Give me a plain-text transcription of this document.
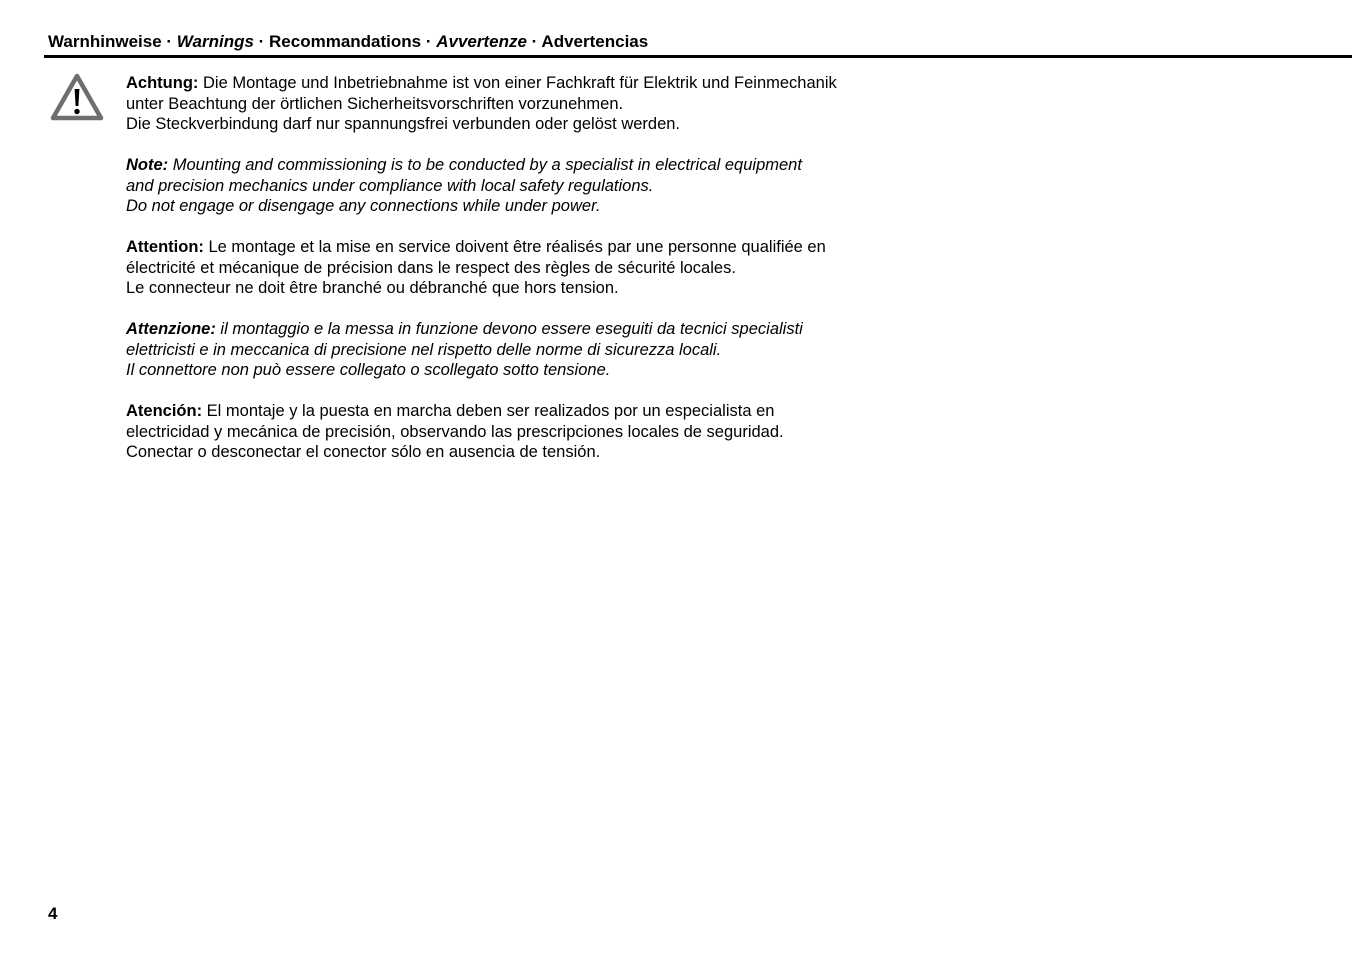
Warnhinweise · Warnings · Recommandations · Avvertenze · Advertencias
Achtung: Die Montage und Inbetriebnahme ist von einer Fachkraft für Elektrik und Feinmechanik
unter Beachtung der örtlichen Sicherheitsvorschriften vorzunehmen.
Die Steckverbindung darf nur spannungsfrei verbunden oder gelöst werden.
Note: Mounting and commissioning is to be conducted by a specialist in electrical equipment
and precision mechanics under compliance with local safety regulations.
Do not engage or disengage any connections while under power.
Attention: Le montage et la mise en service doivent être réalisés par une personne qualifiée en
électricité et mécanique de précision dans le respect des règles de sécurité locales.
Le connecteur ne doit être branché ou débranché que hors tension.
Attenzione: il montaggio e la messa in funzione devono essere eseguiti da tecnici specialisti
elettricisti e in meccanica di precisione nel rispetto delle norme di sicurezza locali.
Il connettore non può essere collegato o scollegato sotto tensione.
Atención: El montaje y la puesta en marcha deben ser realizados por un especialista en
electricidad y mecánica de precisión, observando las prescripciones locales de seguridad.
Conectar o desconectar el conector sólo en ausencia de tensión.
4
